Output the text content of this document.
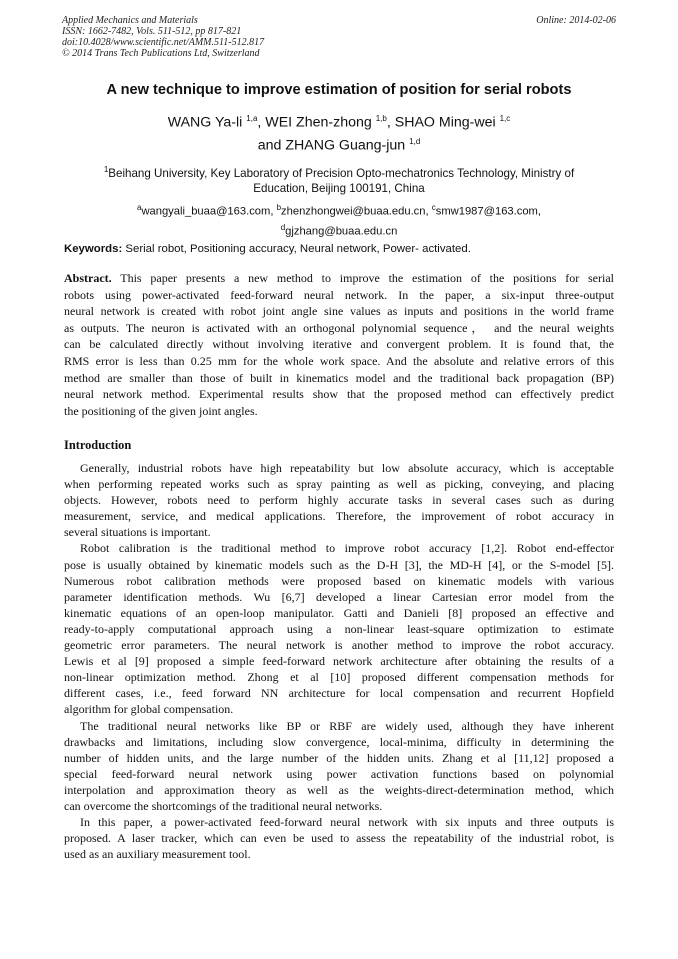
Applied Mechanics and Materials
ISSN: 1662-7482, Vols. 511-512, pp 817-821
doi:10.4028/www.scientific.net/AMM.511-512.817
© 2014 Trans Tech Publications Ltd, Switzerland
Online: 2014-02-06
A new technique to improve estimation of position for serial robots
WANG Ya-li $^{1,a}$, WEI Zhen-zhong $^{1,b}$, SHAO Ming-wei $^{1,c}$
and ZHANG Guang-jun $^{1,d}$
$^1$Beihang University, Key Laboratory of Precision Opto-mechatronics Technology, Ministry of
Education, Beijing 100191, China
$^a$wangyali_buaa@163.com, $^b$zhenzhongwei@buaa.edu.cn, $^c$smw1987@163.com,
$^d$gjzhang@buaa.edu.cn
Keywords: Serial robot, Positioning accuracy, Neural network, Power- activated.
Abstract. This paper presents a new method to improve the estimation of the positions for serial
robots using power-activated feed-forward neural network. In the paper, a six-input three-output
neural network is created with robot joint angle sine values as inputs and positions in the world frame
as outputs. The neuron is activated with an orthogonal polynomial sequence， and the neural weights
can be calculated directly without involving iterative and convergent problem. It is found that, the
RMS error is less than 0.25 mm for the whole work space. And the absolute and relative errors of this
method are smaller than those of built in kinematics model and the traditional back propagation (BP)
neural network method. Experimental results show that the proposed method can effectively predict
the positioning of the given joint angles.
Introduction
Generally, industrial robots have high repeatability but low absolute accuracy, which is acceptable
when performing repeated works such as spray painting as well as picking, conveying, and placing
objects. However, robots need to perform highly accurate tasks in several cases such as during
measurement, service, and medical applications. Therefore, the improvement of robot accuracy in
several situations is important.
Robot calibration is the traditional method to improve robot accuracy [1,2]. Robot end-effector
pose is usually obtained by kinematic models such as the D-H [3], the MD-H [4], or the S-model [5].
Numerous robot calibration methods were proposed based on kinematic models with various
parameter identification methods. Wu [6,7] developed a linear Cartesian error model from the
kinematic equations of an open-loop manipulator. Gatti and Danieli [8] proposed an effective and
ready-to-apply computational approach using a non-linear least-square optimization to estimate
geometric error parameters. The neural network is another method to improve the robot accuracy.
Lewis et al [9] proposed a simple feed-forward network architecture after obtaining the results of a
non-linear optimization method. Zhong et al [10] proposed different compensation methods for
different cases, i.e., feed forward NN architecture for local compensation and recurrent Hopfield
algorithm for global compensation.
The traditional neural networks like BP or RBF are widely used, although they have inherent
drawbacks and limitations, including slow convergence, local-minima, difficulty in determining the
number of hidden units, and the large number of the hidden units. Zhang et al [11,12] proposed a
special feed-forward neural network using power activation functions based on polynomial
interpolation and approximation theory as well as the weights-direct-determination method, which
can overcome the shortcomings of the traditional neural networks.
In this paper, a power-activated feed-forward neural network with six inputs and three outputs is
proposed. A laser tracker, which can even be used to assess the repeatability of the industrial robot, is
used as an auxiliary measurement tool.
